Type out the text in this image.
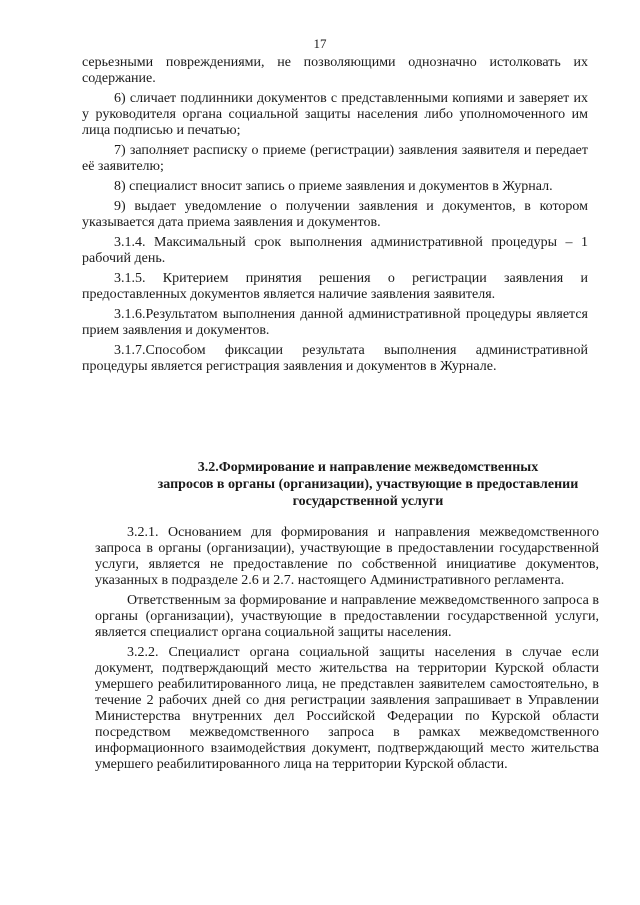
17

серьезными повреждениями, не позволяющими однозначно истолковать их содержание.

6) сличает подлинники документов с представленными копиями и заверяет их у руководителя органа социальной защиты населения либо уполномоченного им лица подписью и печатью;

7) заполняет расписку о приеме (регистрации) заявления заявителя и передает её заявителю;

8) специалист вносит запись о приеме заявления и документов в Журнал.

9) выдает уведомление о получении заявления и документов, в котором указывается дата приема заявления и документов.

3.1.4. Максимальный срок выполнения административной процедуры – 1 рабочий день.

3.1.5. Критерием принятия решения о регистрации заявления и предоставленных документов является наличие заявления заявителя.

3.1.6.Результатом выполнения данной административной процедуры является прием заявления и документов.

3.1.7.Способом фиксации результата выполнения административной процедуры является регистрация заявления и документов в Журнале.

3.2.Формирование и направление межведомственных
запросов в органы (организации), участвующие в предоставлении
государственной услуги

3.2.1. Основанием для формирования и направления межведомственного запроса в органы (организации), участвующие в предоставлении государственной услуги, является не предоставление по собственной инициативе документов, указанных в подразделе 2.6 и 2.7. настоящего Административного регламента.

Ответственным за формирование и направление межведомственного запроса в органы (организации), участвующие в предоставлении государственной услуги, является специалист органа социальной защиты населения.

3.2.2. Специалист органа социальной защиты населения в случае если документ, подтверждающий место жительства на территории Курской области умершего реабилитированного лица, не представлен заявителем самостоятельно, в течение 2 рабочих дней со дня регистрации заявления запрашивает в Управлении Министерства внутренних дел Российской Федерации по Курской области посредством межведомственного запроса в рамках межведомственного информационного взаимодействия документ, подтверждающий место жительства умершего реабилитированного лица на территории Курской области.
